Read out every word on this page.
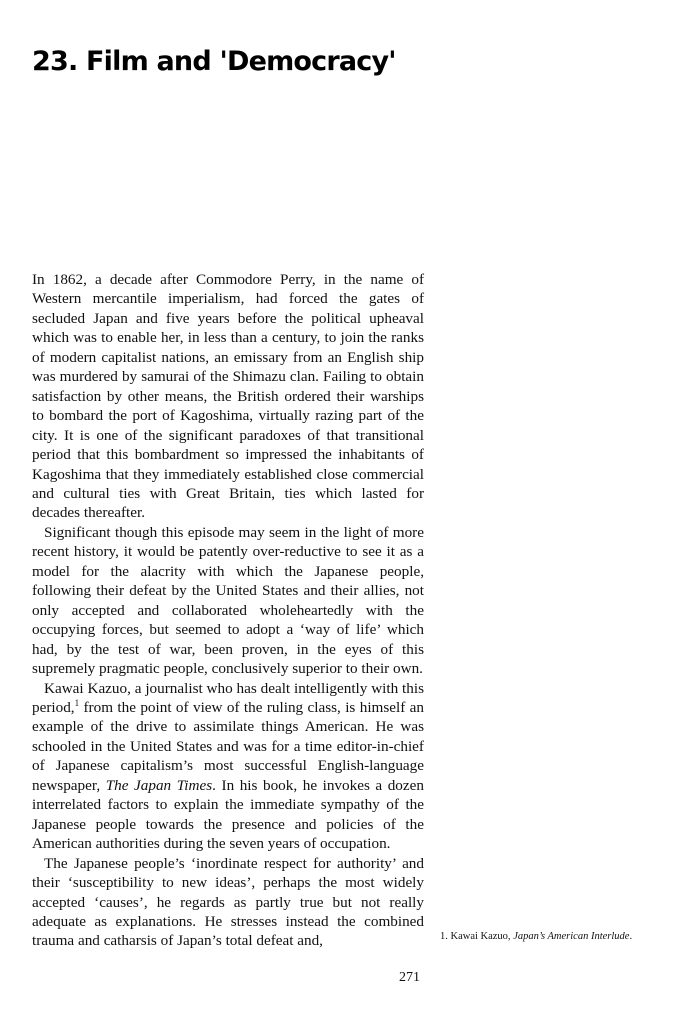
23. Film and 'Democracy'

In 1862, a decade after Commodore Perry, in the name of Western mercantile imperialism, had forced the gates of secluded Japan and five years before the political upheaval which was to enable her, in less than a century, to join the ranks of modern capitalist nations, an emissary from an English ship was murdered by samurai of the Shimazu clan. Failing to obtain satisfaction by other means, the British ordered their warships to bombard the port of Kagoshima, virtually razing part of the city. It is one of the significant paradoxes of that transitional period that this bombardment so impressed the inhabitants of Kagoshima that they immediately established close commercial and cultural ties with Great Britain, ties which lasted for decades thereafter.

Significant though this episode may seem in the light of more recent history, it would be patently over-reductive to see it as a model for the alacrity with which the Japanese people, following their defeat by the United States and their allies, not only accepted and collaborated wholeheartedly with the occupying forces, but seemed to adopt a ‘way of life’ which had, by the test of war, been proven, in the eyes of this supremely pragmatic people, conclusively superior to their own.

Kawai Kazuo, a journalist who has dealt intelligently with this period,$^1$ from the point of view of the ruling class, is himself an example of the drive to assimilate things American. He was schooled in the United States and was for a time editor-in-chief of Japanese capitalism’s most successful English-language newspaper, The Japan Times. In his book, he invokes a dozen interrelated factors to explain the immediate sympathy of the Japanese people towards the presence and policies of the American authorities during the seven years of occupation.

The Japanese people’s ‘inordinate respect for authority’ and their ‘susceptibility to new ideas’, perhaps the most widely accepted ‘causes’, he regards as partly true but not really adequate as explanations. He stresses instead the combined trauma and catharsis of Japan’s total defeat and,	1. Kawai Kazuo, Japan’s American Interlude.
271
